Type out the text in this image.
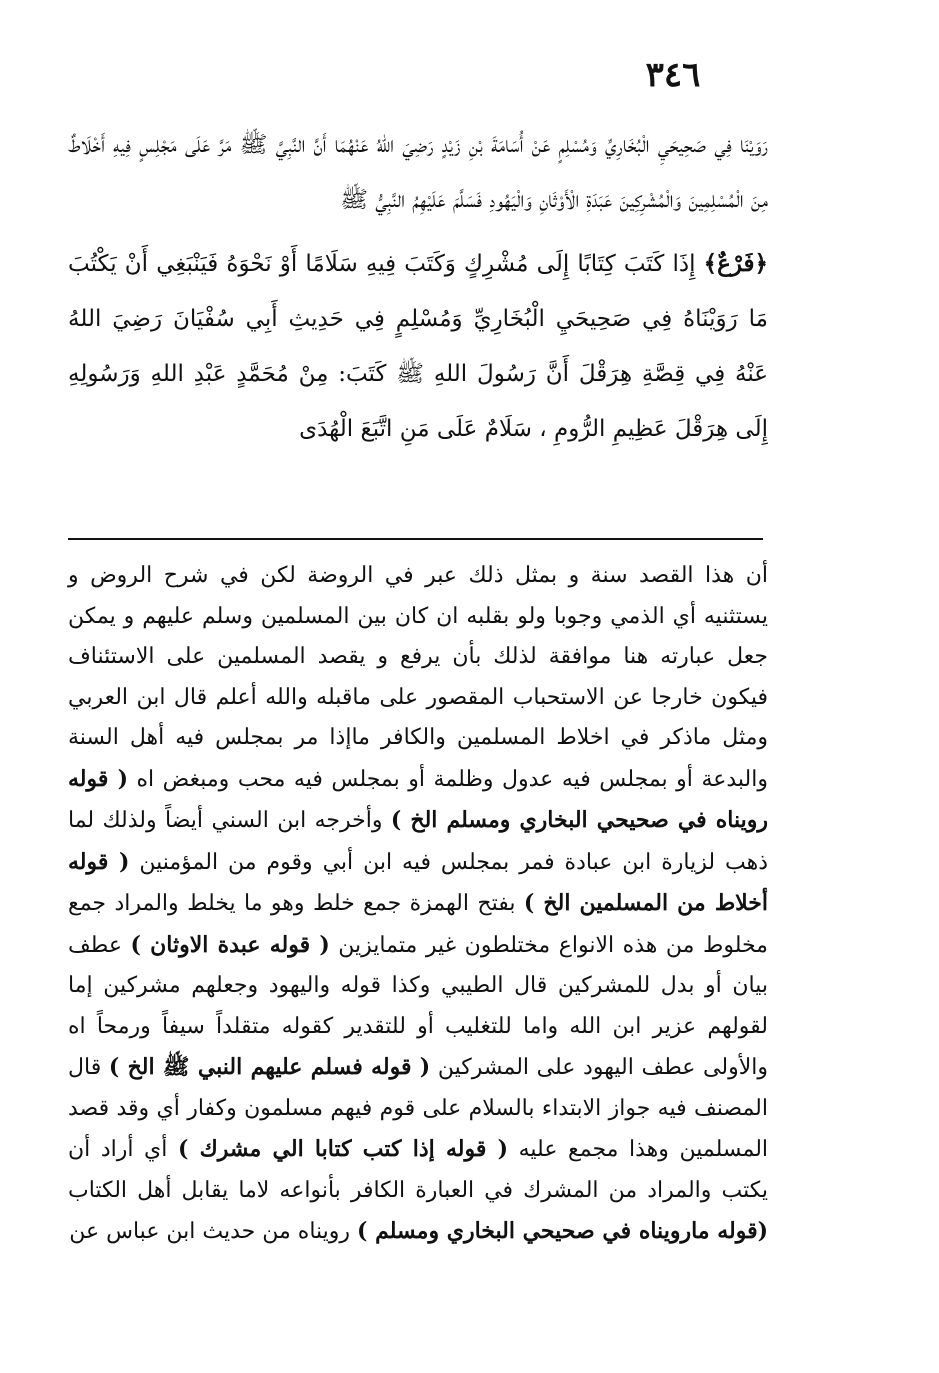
٣٤٦

رَوَيْنَا فِي صَحِيحَيِ الْبُخَارِيِّ وَمُسْلِمٍ عَنْ أُسَامَةَ بْنِ زَيْدٍ رَضِيَ اللهُ عَنْهُمَا أَنَّ النَّبِيَّ ﷺ مَرَّ عَلَى مَجْلِسٍ فِيهِ أَخْلَاطٌ مِنَ الْمُسْلِمِينَ وَالْمُشْرِكِينَ عَبَدَةِ الْأَوْثَانِ وَالْيَهُودِ فَسَلَّمَ عَلَيْهِمُ النَّبِيُّ ﷺ

﴿فَرْعٌ﴾ إِذَا كَتَبَ كِتَابًا إِلَى مُشْرِكٍ وَكَتَبَ فِيهِ سَلَامًا أَوْ نَحْوَهُ فَيَنْبَغِي أَنْ يَكْتُبَ مَا رَوَيْنَاهُ فِي صَحِيحَيِ الْبُخَارِيِّ وَمُسْلِمٍ فِي حَدِيثِ أَبِي سُفْيَانَ رَضِيَ اللهُ عَنْهُ فِي قِصَّةِ هِرَقْلَ أَنَّ رَسُولَ اللهِ ﷺ كَتَبَ: مِنْ مُحَمَّدٍ عَبْدِ اللهِ وَرَسُولِهِ إِلَى هِرَقْلَ عَظِيمِ الرُّومِ ، سَلَامٌ عَلَى مَنِ اتَّبَعَ الْهُدَى

أن هذا القصد سنة و بمثل ذلك عبر في الروضة لكن في شرح الروض و يستثنيه أي الذمي وجوبا ولو بقلبه ان كان بين المسلمين وسلم عليهم و يمكن جعل عبارته هنا موافقة لذلك بأن يرفع و يقصد المسلمين على الاستئناف فيكون خارجا عن الاستحباب المقصور على ماقبله والله أعلم قال ابن العربي ومثل ماذكر في اخلاط المسلمين والكافر ماإذا مر بمجلس فيه أهل السنة والبدعة أو بمجلس فيه عدول وظلمة أو بمجلس فيه محب ومبغض اه ( قوله رويناه في صحيحي البخاري ومسلم الخ ) وأخرجه ابن السني أيضاً ولذلك لما ذهب لزيارة ابن عبادة فمر بمجلس فيه ابن أبي وقوم من المؤمنين ( قوله أخلاط من المسلمين الخ ) بفتح الهمزة جمع خلط وهو ما يخلط والمراد جمع مخلوط من هذه الانواع مختلطون غير متمايزين ( قوله عبدة الاوثان ) عطف بيان أو بدل للمشركين قال الطيبي وكذا قوله واليهود وجعلهم مشركين إما لقولهم عزير ابن الله واما للتغليب أو للتقدير كقوله متقلداً سيفاً ورمحاً اه والأولى عطف اليهود على المشركين ( قوله فسلم عليهم النبي ﷺ الخ ) قال المصنف فيه جواز الابتداء بالسلام على قوم فيهم مسلمون وكفار أي وقد قصد المسلمين وهذا مجمع عليه ( قوله إذا كتب كتابا الي مشرك ) أي أراد أن يكتب والمراد من المشرك في العبارة الكافر بأنواعه لاما يقابل أهل الكتاب (قوله مارويناه في صحيحي البخاري ومسلم ) رويناه من حديث ابن عباس عن
